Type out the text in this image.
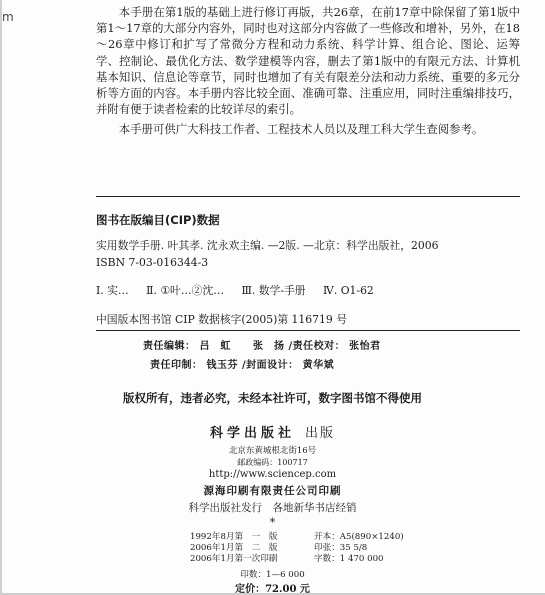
m	本手册在第1版的基础上进行修订再版，共26章，在前17章中除保留了第1版中第1～17章的大部分内容外，同时也对这部分内容做了一些修改和增补，另外，在18～26章中修订和扩写了常微分方程和动力系统、科学计算、组合论、图论、运筹学、控制论、最优化方法、数学建模等内容，删去了第1版中的有限元方法、计算机基本知识、信息论等章节，同时也增加了有关有限差分法和动力系统、重要的多元分析等方面的内容。本手册内容比较全面、准确可靠、注重应用，同时注重编排技巧，并附有便于读者检索的比较详尽的索引。

本手册可供广大科技工作者、工程技术人员以及理工科大学生查阅参考。

图书在版编目(CIP)数据
实用数学手册. 叶其孝. 沈永欢主编. —2版. —北京：科学出版社，2006
ISBN 7-03-016344-3
Ⅰ. 实… Ⅱ. ①叶…②沈… Ⅲ. 数学-手册 Ⅳ. O1-62
中国版本图书馆 CIP 数据核字(2005)第 116719 号
责任编辑： 吕　虹 张　扬 /责任校对： 张怡君
责任印制： 钱玉芬 /封面设计： 黄华斌
版权所有，违者必究，未经本社许可，数字图书馆不得使用
科学出版社 出版
北京东黄城根北街16号
邮政编码：100717
http://www.sciencep.com
源海印刷有限责任公司印刷
科学出版社发行　各地新华书店经销
*
1992年8月第　一　版	开本：A5(890×1240)
2006年1月第　二　版	印张：35 5/8
2006年1月第一次印刷	字数：1 470 000
印数：1—6 000
定价：72.00 元
